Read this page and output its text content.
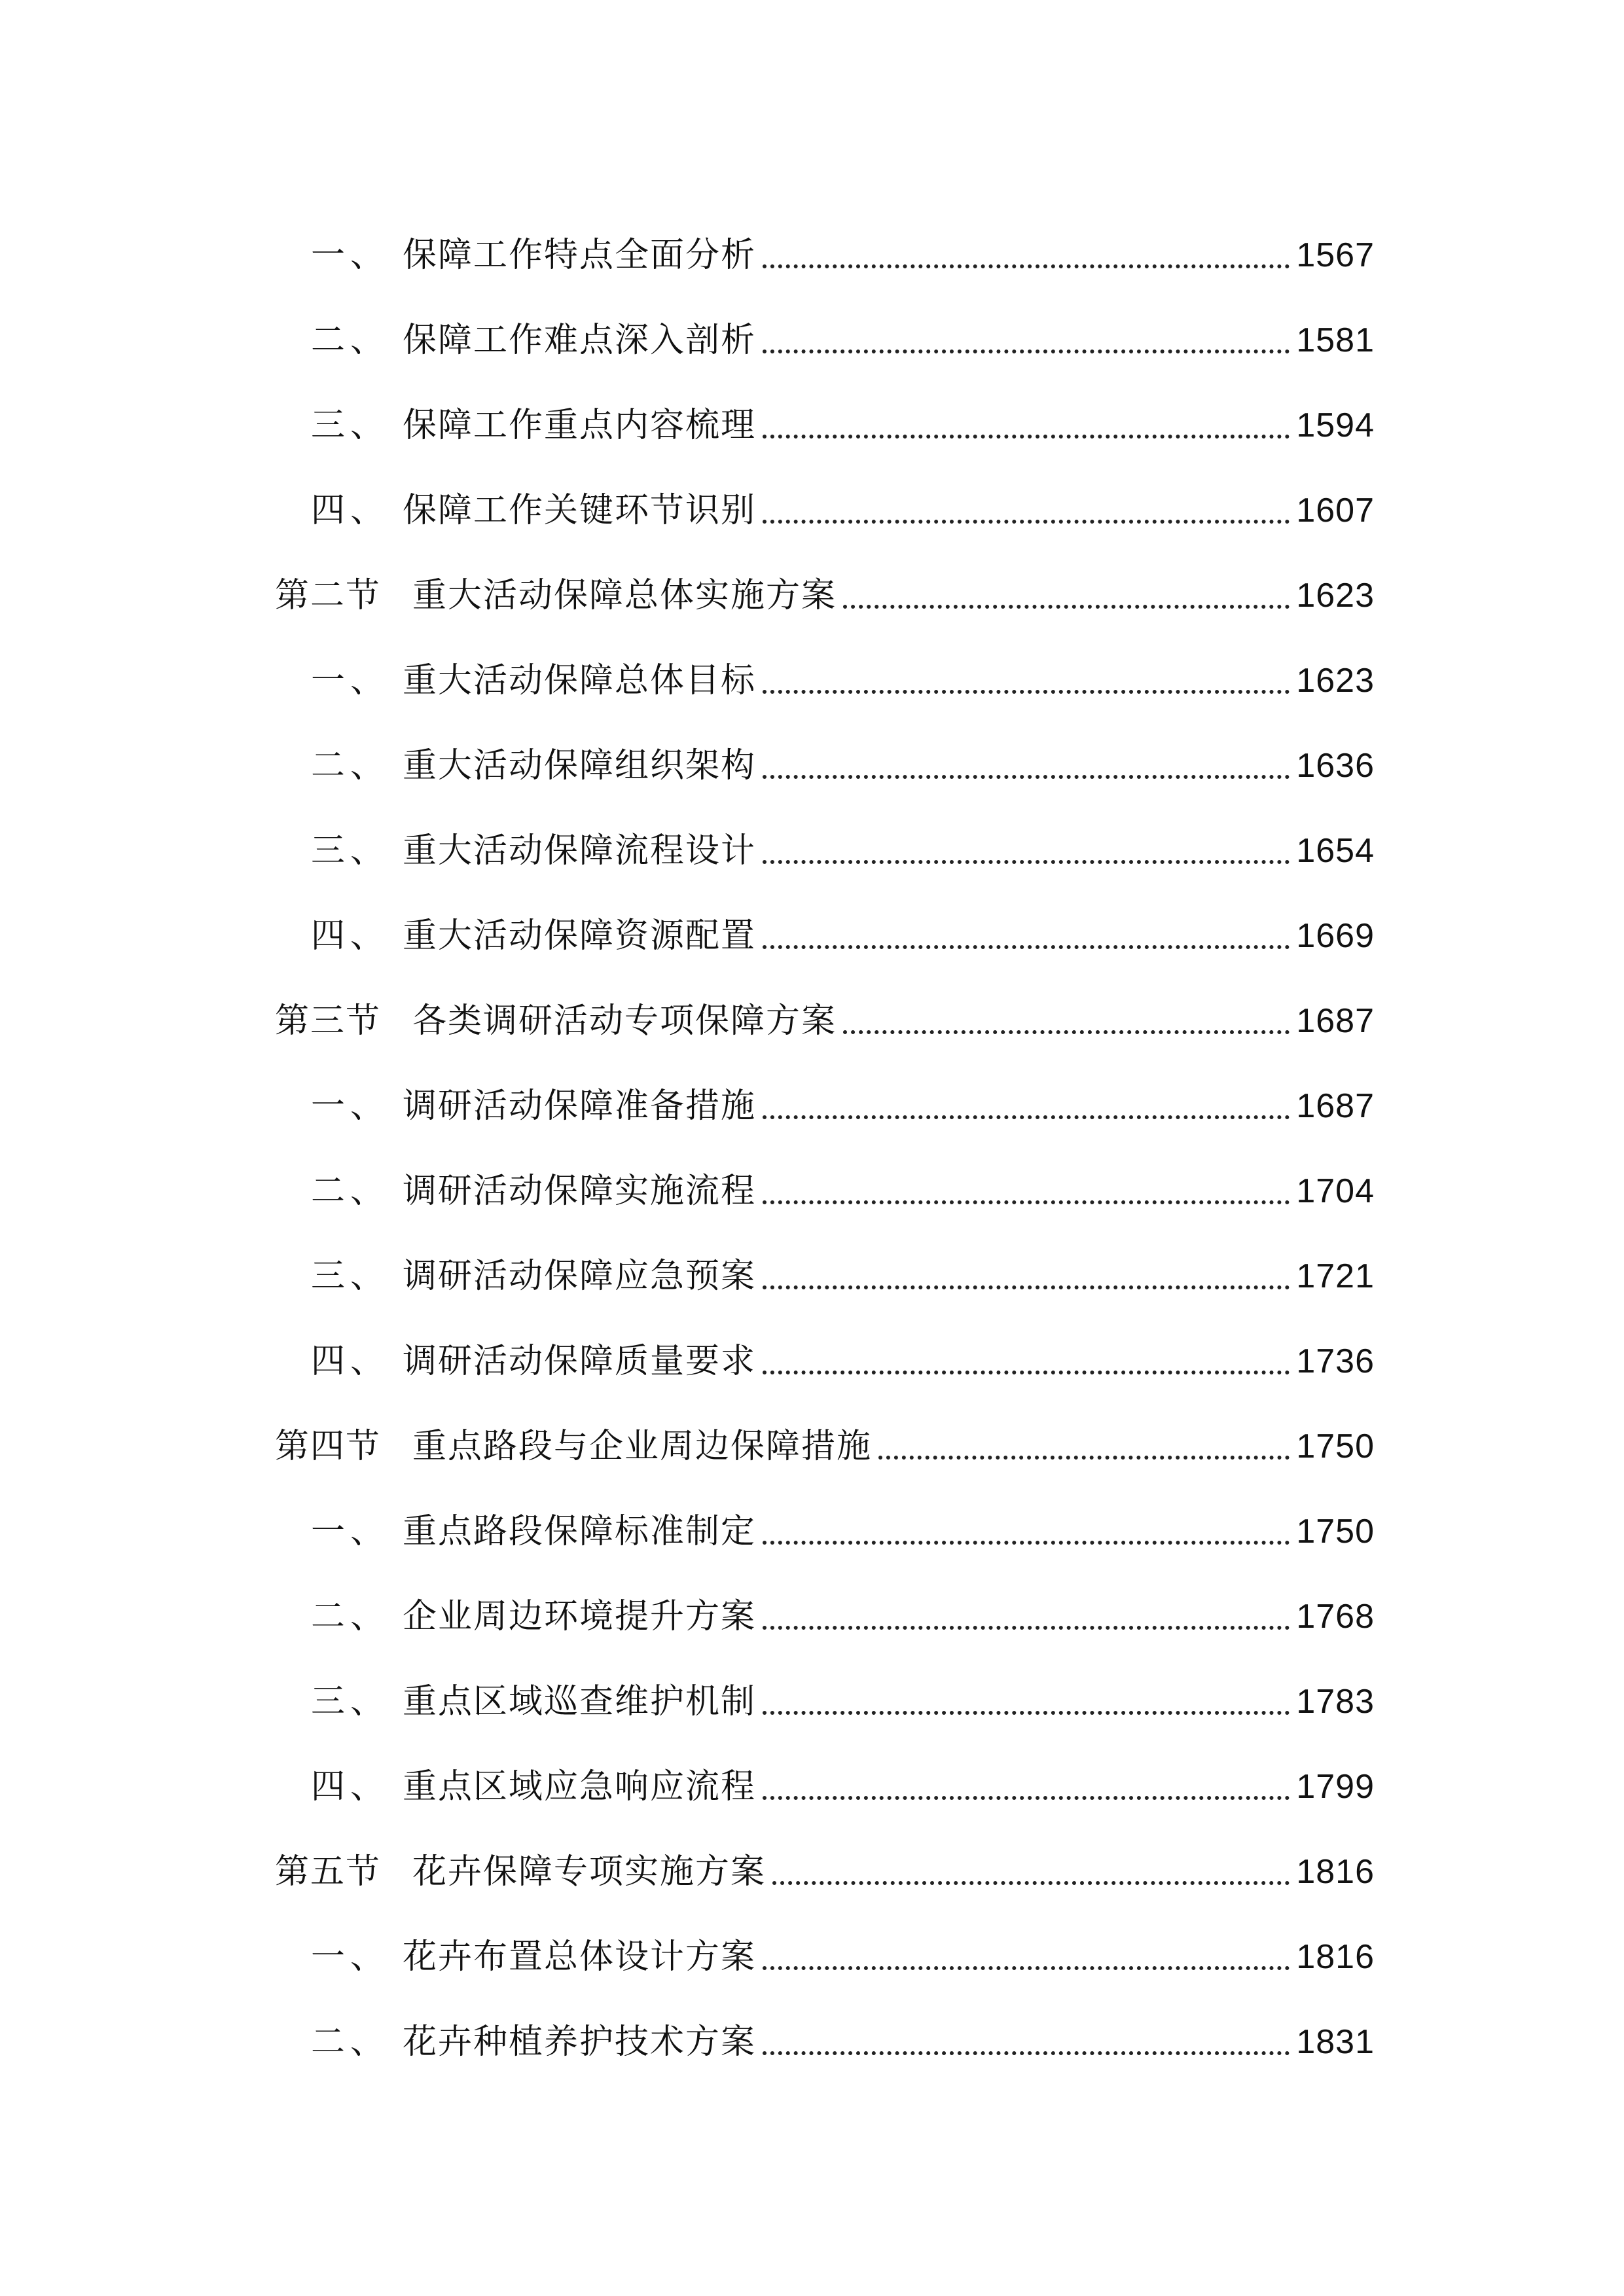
一、 保障工作特点全面分析	1567
二、 保障工作难点深入剖析	1581
三、 保障工作重点内容梳理	1594
四、 保障工作关键环节识别	1607
第二节 重大活动保障总体实施方案	1623
一、 重大活动保障总体目标	1623
二、 重大活动保障组织架构	1636
三、 重大活动保障流程设计	1654
四、 重大活动保障资源配置	1669
第三节 各类调研活动专项保障方案	1687
一、 调研活动保障准备措施	1687
二、 调研活动保障实施流程	1704
三、 调研活动保障应急预案	1721
四、 调研活动保障质量要求	1736
第四节 重点路段与企业周边保障措施	1750
一、 重点路段保障标准制定	1750
二、 企业周边环境提升方案	1768
三、 重点区域巡查维护机制	1783
四、 重点区域应急响应流程	1799
第五节 花卉保障专项实施方案	1816
一、 花卉布置总体设计方案	1816
二、 花卉种植养护技术方案	1831
